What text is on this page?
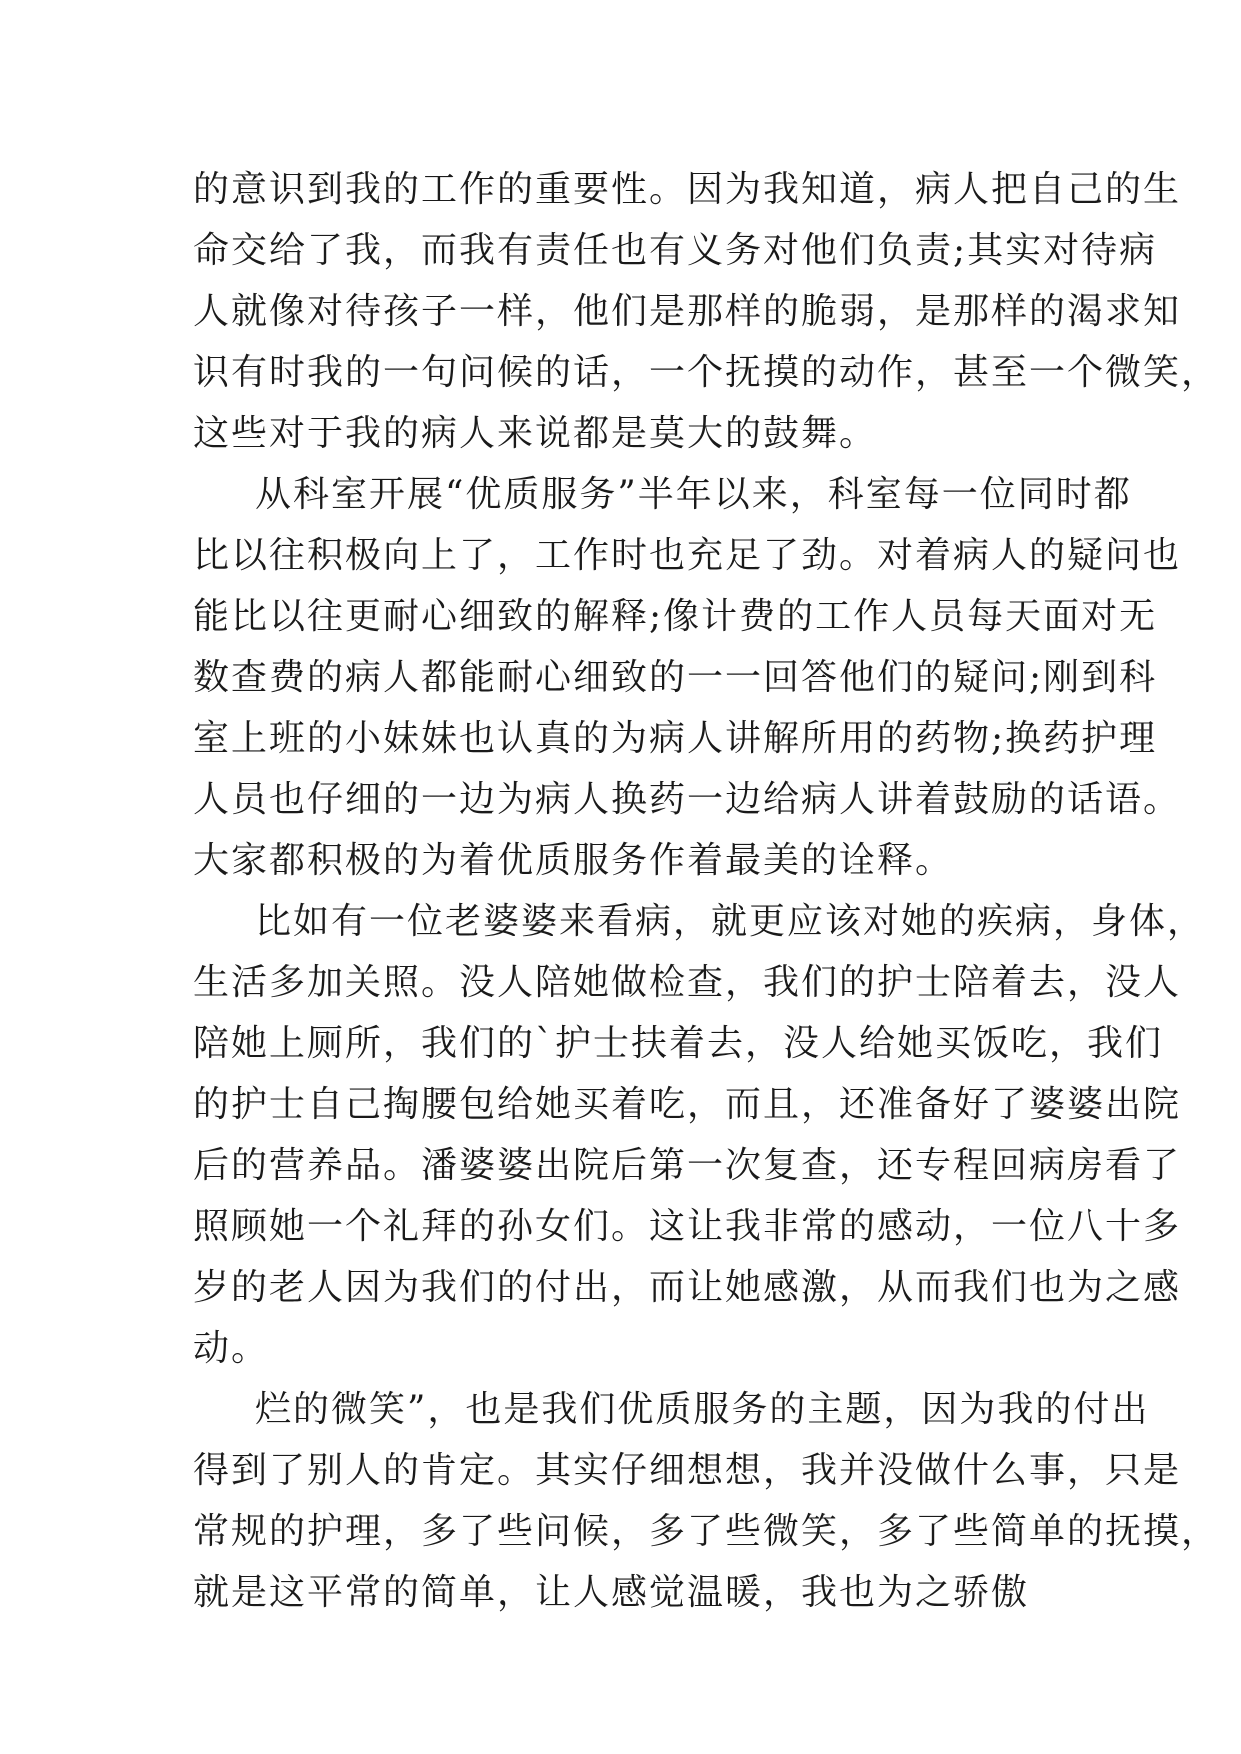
的意识到我的工作的重要性。因为我知道，病人把自己的生
命交给了我，而我有责任也有义务对他们负责;其实对待病
人就像对待孩子一样，他们是那样的脆弱，是那样的渴求知
识有时我的一句问候的话，一个抚摸的动作，甚至一个微笑，
这些对于我的病人来说都是莫大的鼓舞。
从科室开展“优质服务”半年以来，科室每一位同时都
比以往积极向上了，工作时也充足了劲。对着病人的疑问也
能比以往更耐心细致的解释;像计费的工作人员每天面对无
数查费的病人都能耐心细致的一一回答他们的疑问;刚到科
室上班的小妹妹也认真的为病人讲解所用的药物;换药护理
人员也仔细的一边为病人换药一边给病人讲着鼓励的话语。
大家都积极的为着优质服务作着最美的诠释。
比如有一位老婆婆来看病，就更应该对她的疾病，身体，
生活多加关照。没人陪她做检查，我们的护士陪着去，没人
陪她上厕所，我们的`护士扶着去，没人给她买饭吃，我们
的护士自己掏腰包给她买着吃，而且，还准备好了婆婆出院
后的营养品。潘婆婆出院后第一次复查，还专程回病房看了
照顾她一个礼拜的孙女们。这让我非常的感动，一位八十多
岁的老人因为我们的付出，而让她感激，从而我们也为之感
动。
烂的微笑”，也是我们优质服务的主题，因为我的付出
得到了别人的肯定。其实仔细想想，我并没做什么事，只是
常规的护理，多了些问候，多了些微笑，多了些简单的抚摸，
就是这平常的简单，让人感觉温暖，我也为之骄傲
